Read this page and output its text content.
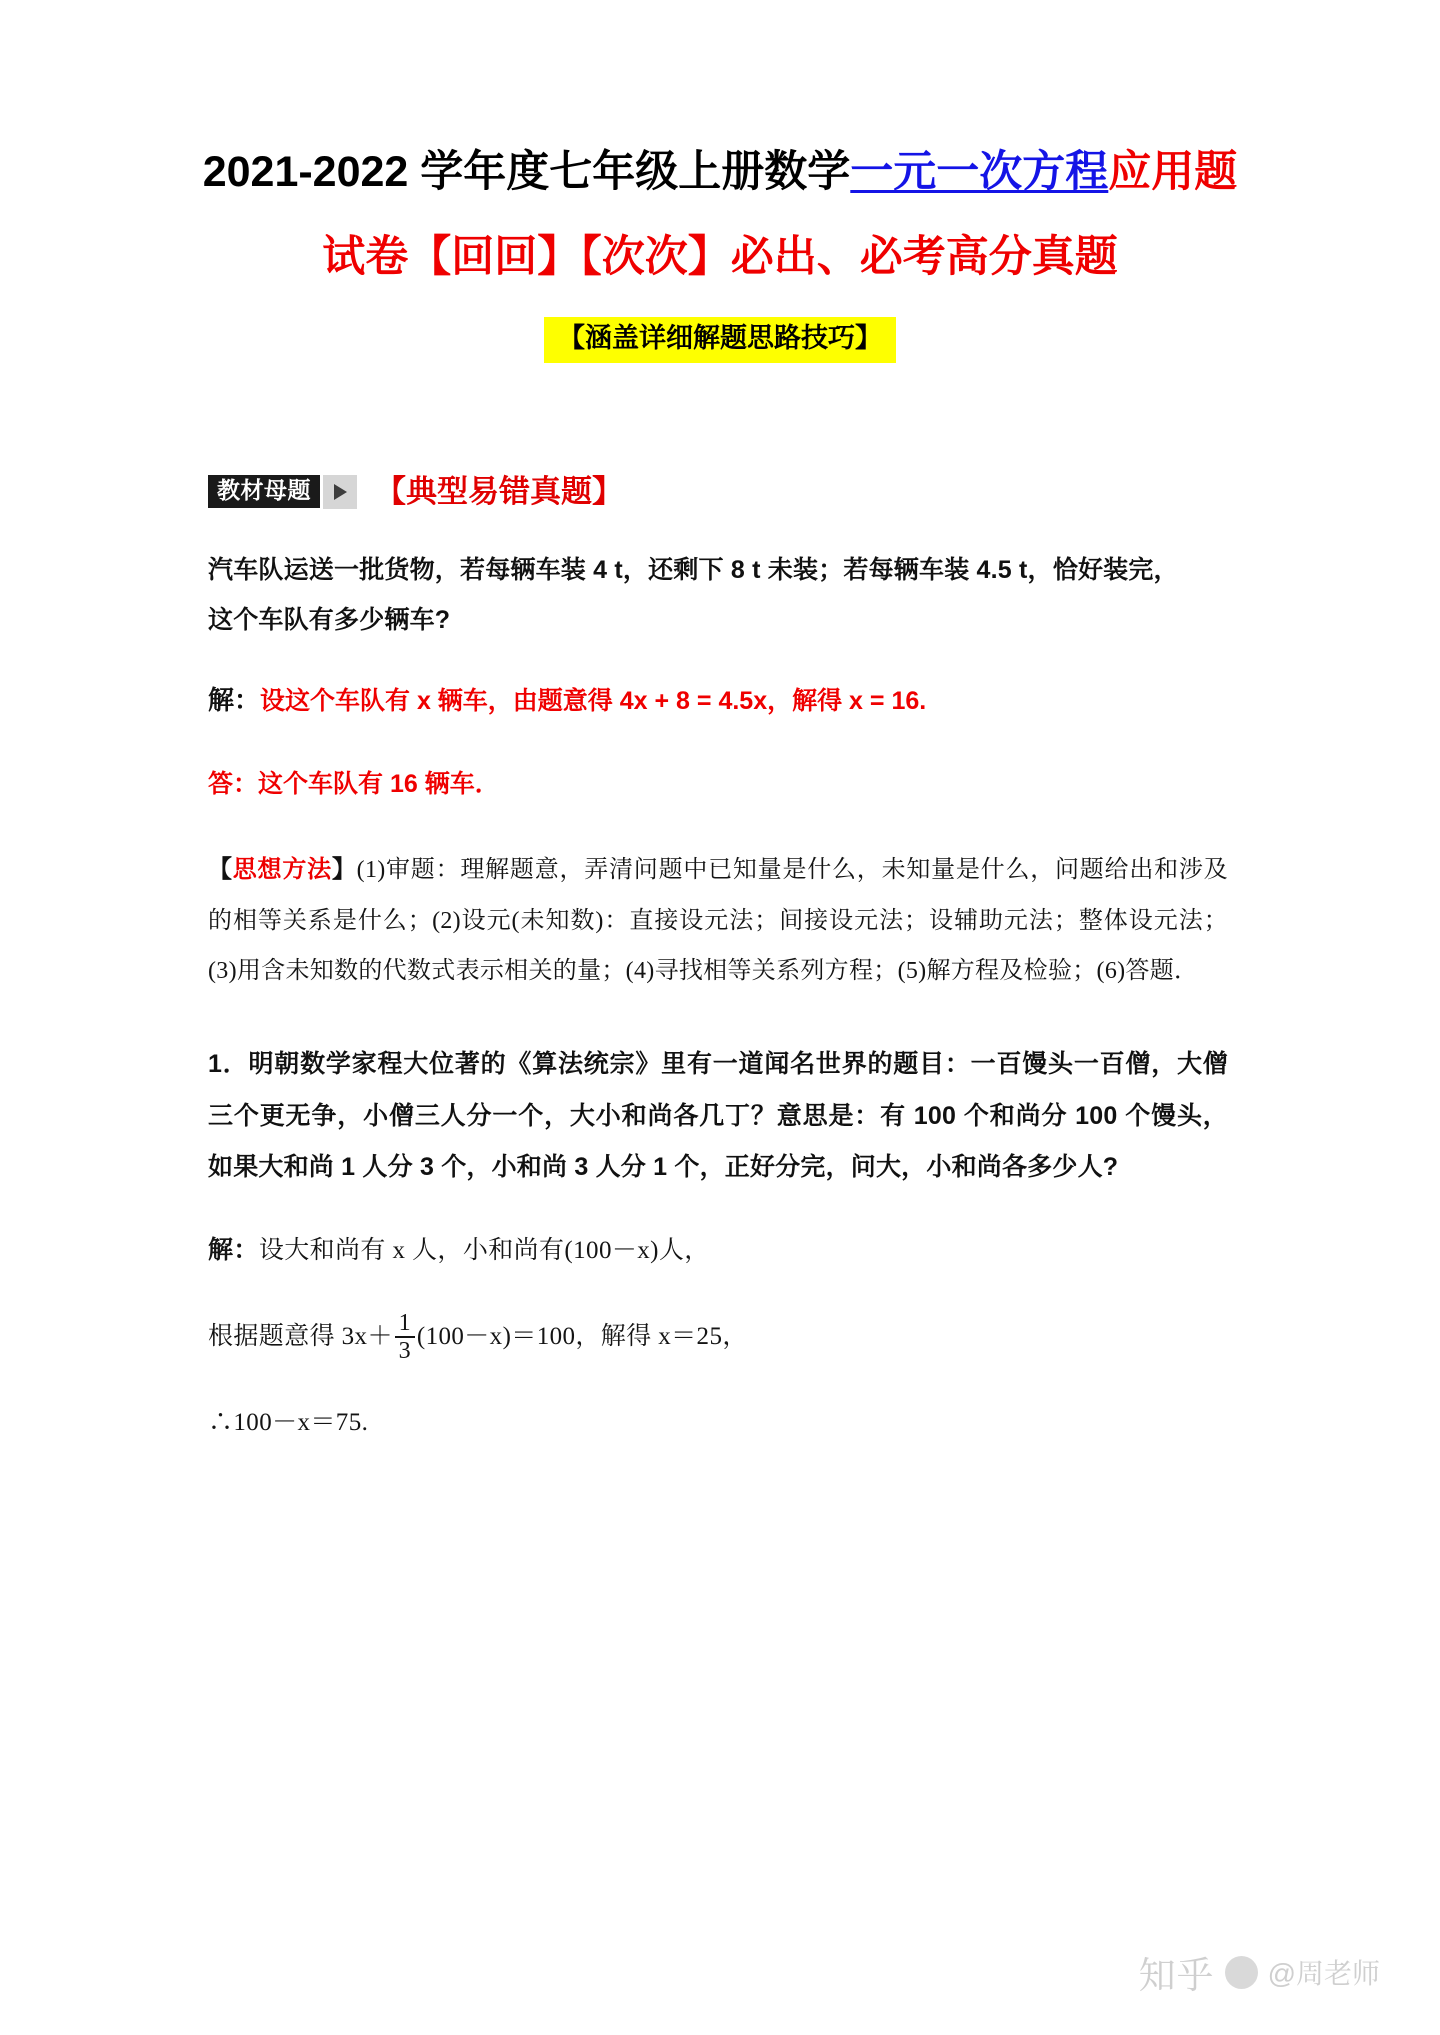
2021-2022 学年度七年级上册数学一元一次方程应用题
试卷【回回】【次次】必出、必考高分真题
【涵盖详细解题思路技巧】
教材母题 【典型易错真题】
汽车队运送一批货物，若每辆车装 4 t，还剩下 8 t 未装；若每辆车装 4.5 t，恰好装完，
这个车队有多少辆车?
解：设这个车队有 x 辆车，由题意得 4x + 8 = 4.5x，解得 x = 16.
答：这个车队有 16 辆车．
【思想方法】(1)审题：理解题意，弄清问题中已知量是什么，未知量是什么，问题给出和涉及的相等关系是什么；(2)设元(未知数)：直接设元法；间接设元法；设辅助元法；整体设元法；(3)用含未知数的代数式表示相关的量；(4)寻找相等关系列方程；(5)解方程及检验；(6)答题．
1．明朝数学家程大位著的《算法统宗》里有一道闻名世界的题目：一百馒头一百僧，大僧三个更无争，小僧三人分一个，大小和尚各几丁？意思是：有 100 个和尚分 100 个馒头，如果大和尚 1 人分 3 个，小和尚 3 人分 1 个，正好分完，问大，小和尚各多少人?
解：设大和尚有 x 人，小和尚有(100－x)人，
根据题意得 $3x+ \frac{1}{3} (100-x)=100$，解得 x＝25，
∴100－x＝75.
知乎 @周老师
